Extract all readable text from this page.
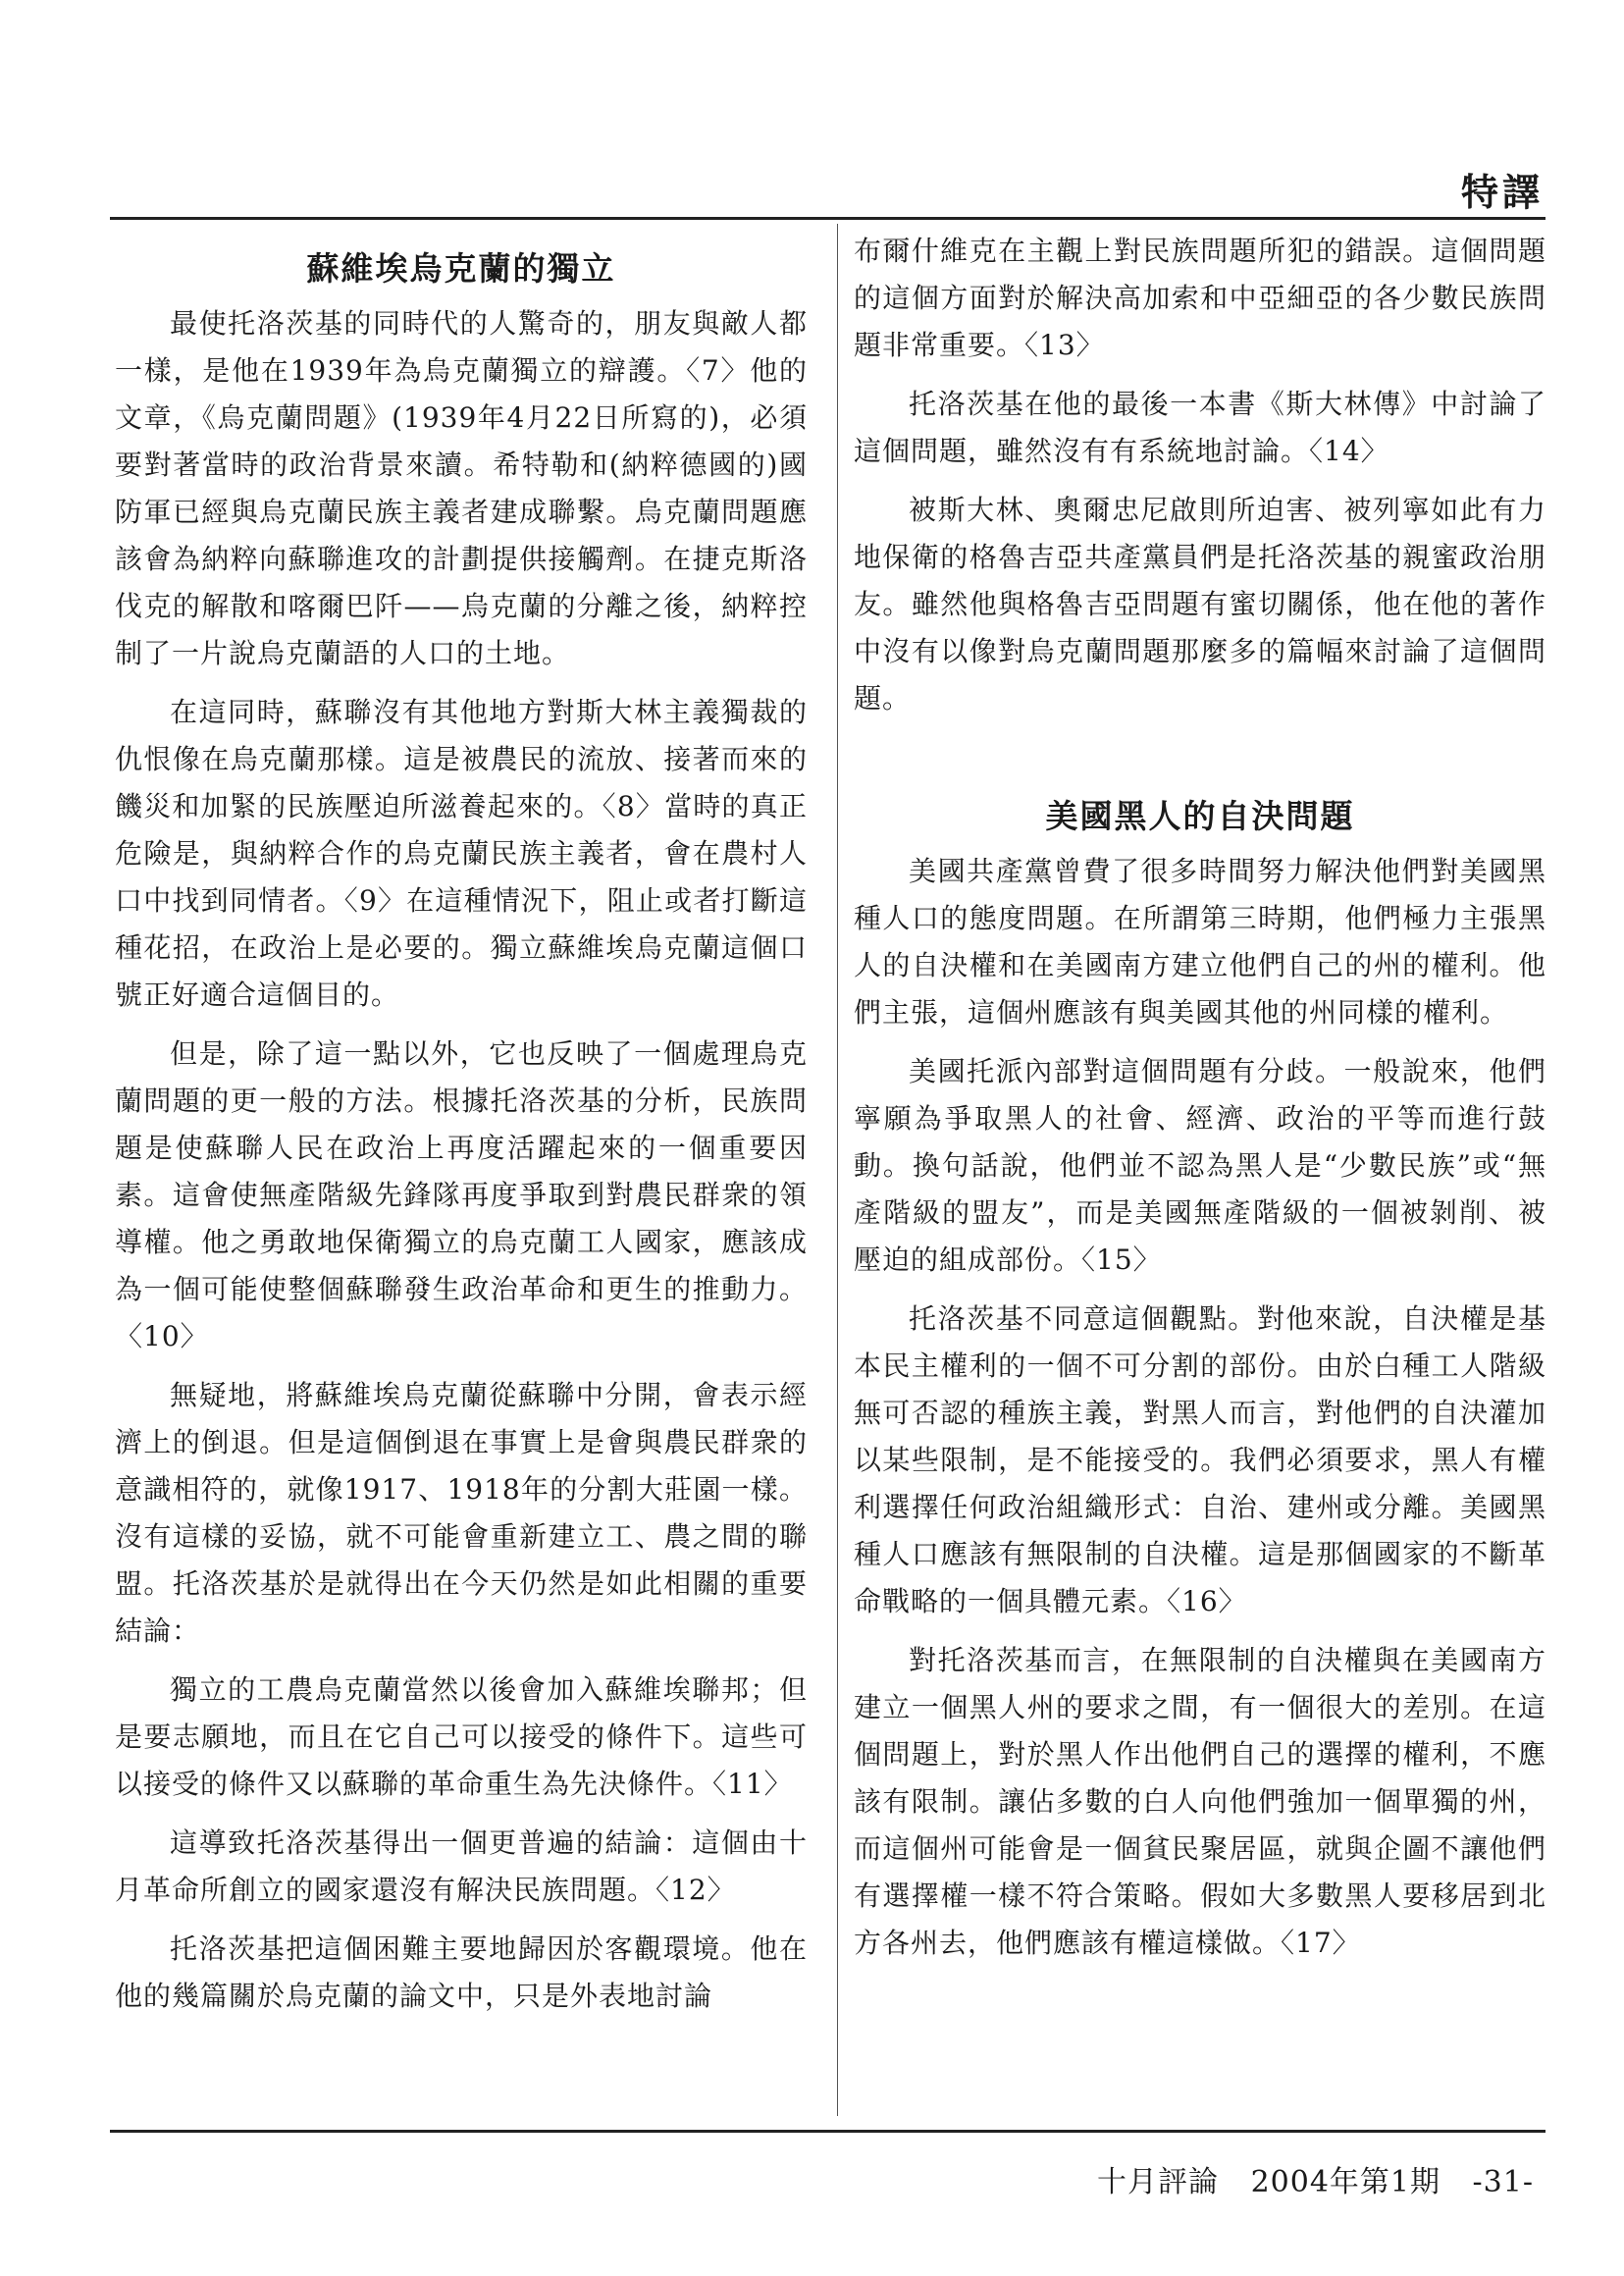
特譯
蘇維埃烏克蘭的獨立

最使托洛茨基的同時代的人驚奇的，朋友與敵人都一樣，是他在1939年為烏克蘭獨立的辯護。〈7〉他的文章，《烏克蘭問題》(1939年4月22日所寫的)，必須要對著當時的政治背景來讀。希特勒和(納粹德國的)國防軍已經與烏克蘭民族主義者建成聯繫。烏克蘭問題應該會為納粹向蘇聯進攻的計劃提供接觸劑。在捷克斯洛伐克的解散和喀爾巴阡——烏克蘭的分離之後，納粹控制了一片說烏克蘭語的人口的土地。

在這同時，蘇聯沒有其他地方對斯大林主義獨裁的仇恨像在烏克蘭那樣。這是被農民的流放、接著而來的饑災和加緊的民族壓迫所滋養起來的。〈8〉當時的真正危險是，與納粹合作的烏克蘭民族主義者，會在農村人口中找到同情者。〈9〉在這種情況下，阻止或者打斷這種花招，在政治上是必要的。獨立蘇維埃烏克蘭這個口號正好適合這個目的。

但是，除了這一點以外，它也反映了一個處理烏克蘭問題的更一般的方法。根據托洛茨基的分析，民族問題是使蘇聯人民在政治上再度活躍起來的一個重要因素。這會使無產階級先鋒隊再度爭取到對農民群衆的領導權。他之勇敢地保衛獨立的烏克蘭工人國家，應該成為一個可能使整個蘇聯發生政治革命和更生的推動力。〈10〉

無疑地，將蘇維埃烏克蘭從蘇聯中分開，會表示經濟上的倒退。但是這個倒退在事實上是會與農民群衆的意識相符的，就像1917、1918年的分割大莊園一樣。沒有這樣的妥協，就不可能會重新建立工、農之間的聯盟。托洛茨基於是就得出在今天仍然是如此相關的重要結論：

獨立的工農烏克蘭當然以後會加入蘇維埃聯邦；但是要志願地，而且在它自己可以接受的條件下。這些可以接受的條件又以蘇聯的革命重生為先決條件。〈11〉

這導致托洛茨基得出一個更普遍的結論：這個由十月革命所創立的國家還沒有解決民族問題。〈12〉

托洛茨基把這個困難主要地歸因於客觀環境。他在他的幾篇關於烏克蘭的論文中，只是外表地討論

布爾什維克在主觀上對民族問題所犯的錯誤。這個問題的這個方面對於解決高加索和中亞細亞的各少數民族問題非常重要。〈13〉

托洛茨基在他的最後一本書《斯大林傳》中討論了這個問題，雖然沒有有系統地討論。〈14〉

被斯大林、奧爾忠尼啟則所迫害、被列寧如此有力地保衛的格魯吉亞共產黨員們是托洛茨基的親蜜政治朋友。雖然他與格魯吉亞問題有蜜切關係，他在他的著作中沒有以像對烏克蘭問題那麼多的篇幅來討論了這個問題。

美國黑人的自決問題

美國共產黨曾費了很多時間努力解決他們對美國黑種人口的態度問題。在所謂第三時期，他們極力主張黑人的自決權和在美國南方建立他們自己的州的權利。他們主張，這個州應該有與美國其他的州同樣的權利。

美國托派內部對這個問題有分歧。一般說來，他們寧願為爭取黑人的社會、經濟、政治的平等而進行鼓動。換句話說，他們並不認為黑人是“少數民族”或“無產階級的盟友”，而是美國無產階級的一個被剝削、被壓迫的組成部份。〈15〉

托洛茨基不同意這個觀點。對他來說，自決權是基本民主權利的一個不可分割的部份。由於白種工人階級無可否認的種族主義，對黑人而言，對他們的自決灌加以某些限制，是不能接受的。我們必須要求，黑人有權利選擇任何政治組織形式：自治、建州或分離。美國黑種人口應該有無限制的自決權。這是那個國家的不斷革命戰略的一個具體元素。〈16〉

對托洛茨基而言，在無限制的自決權與在美國南方建立一個黑人州的要求之間，有一個很大的差別。在這個問題上，對於黑人作出他們自己的選擇的權利，不應該有限制。讓佔多數的白人向他們強加一個單獨的州，而這個州可能會是一個貧民聚居區，就與企圖不讓他們有選擇權一樣不符合策略。假如大多數黑人要移居到北方各州去，他們應該有權這樣做。〈17〉

十月評論 2004年第1期 -31-
